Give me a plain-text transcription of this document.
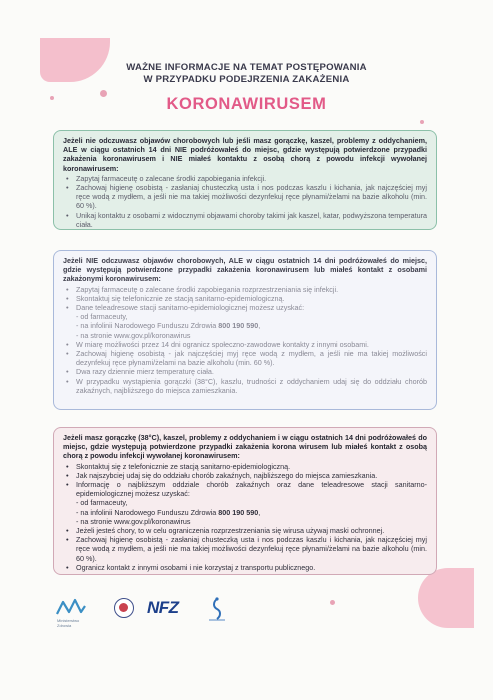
WAŻNE INFORMACJE NA TEMAT POSTĘPOWANIA
W PRZYPADKU PODEJRZENIA ZAKAŻENIA
KORONAWIRUSEM
Jeżeli nie odczuwasz objawów chorobowych lub jeśli masz gorączkę, kaszel, problemy z oddychaniem, ALE w ciągu ostatnich 14 dni NIE podróżowałeś do miejsc, gdzie występują potwierdzone przypadki zakażenia koronawirusem i NIE miałeś kontaktu z osobą chorą z powodu infekcji wywołanej koronawirusem:
• Zapytaj farmaceutę o zalecane środki zapobiegania infekcji.
• Zachowaj higienę osobistą - zasłaniaj chusteczką usta i nos podczas kaszlu i kichania, jak najczęściej myj ręce wodą z mydłem, a jeśli nie ma takiej możliwości dezynfekuj ręce płynami/żelami na bazie alkoholu (min. 60 %).
• Unikaj kontaktu z osobami z widocznymi objawami choroby takimi jak kaszel, katar, podwyższona temperatura ciała.
Jeżeli NIE odczuwasz objawów chorobowych, ALE w ciągu ostatnich 14 dni podróżowałeś do miejsc, gdzie występują potwierdzone przypadki zakażenia koronawirusem lub miałeś kontakt z osobami zakażonymi koronawirusem:
• Zapytaj farmaceutę o zalecane środki zapobiegania rozprzestrzeniania się infekcji.
• Skontaktuj się telefonicznie ze stacją sanitarno-epidemiologiczną.
• Dane teleadresowe stacji sanitarno-epidemiologicznej możesz uzyskać:
- od farmaceuty,
- na infolinii Narodowego Funduszu Zdrowia 800 190 590,
- na stronie www.gov.pl/koronawirus
• W miarę możliwości przez 14 dni ogranicz społeczno-zawodowe kontakty z innymi osobami.
• Zachowaj higienę osobistą - jak najczęściej myj ręce wodą z mydłem, a jeśli nie ma takiej możliwości dezynfekuj ręce płynami/żelami na bazie alkoholu (min. 60 %).
• Dwa razy dziennie mierz temperaturę ciała.
• W przypadku wystąpienia gorączki (38°C), kaszlu, trudności z oddychaniem udaj się do oddziału chorób zakaźnych, najbliższego do miejsca zamieszkania.
Jeżeli masz gorączkę (38°C), kaszel, problemy z oddychaniem i w ciągu ostatnich 14 dni podróżowałeś do miejsc, gdzie występują potwierdzone przypadki zakażenia korona wirusem lub miałeś kontakt z osobą chorą z powodu infekcji wywołanej koronawirusem:
• Skontaktuj się z telefonicznie ze stacją sanitarno-epidemiologiczną.
• Jak najszybciej udaj się do oddziału chorób zakaźnych, najbliższego do miejsca zamieszkania.
• Informację o najbliższym oddziale chorób zakaźnych oraz dane teleadresowe stacji sanitarno-epidemiologicznej możesz uzyskać:
- od farmaceuty,
- na infolinii Narodowego Funduszu Zdrowia 800 190 590,
- na stronie www.gov.pl/koronawirus
• Jeżeli jesteś chory, to w celu ograniczenia rozprzestrzeniania się wirusa używaj maski ochronnej.
• Zachowaj higienę osobistą - zasłaniaj chusteczką usta i nos podczas kaszlu i kichania, jak najczęściej myj ręce wodą z mydłem, a jeśli nie ma takiej możliwości dezynfekuj ręce płynami/żelami na bazie alkoholu (min. 60 %).
• Ogranicz kontakt z innymi osobami i nie korzystaj z transportu publicznego.
Ministerstwo Zdrowia
NFZ
